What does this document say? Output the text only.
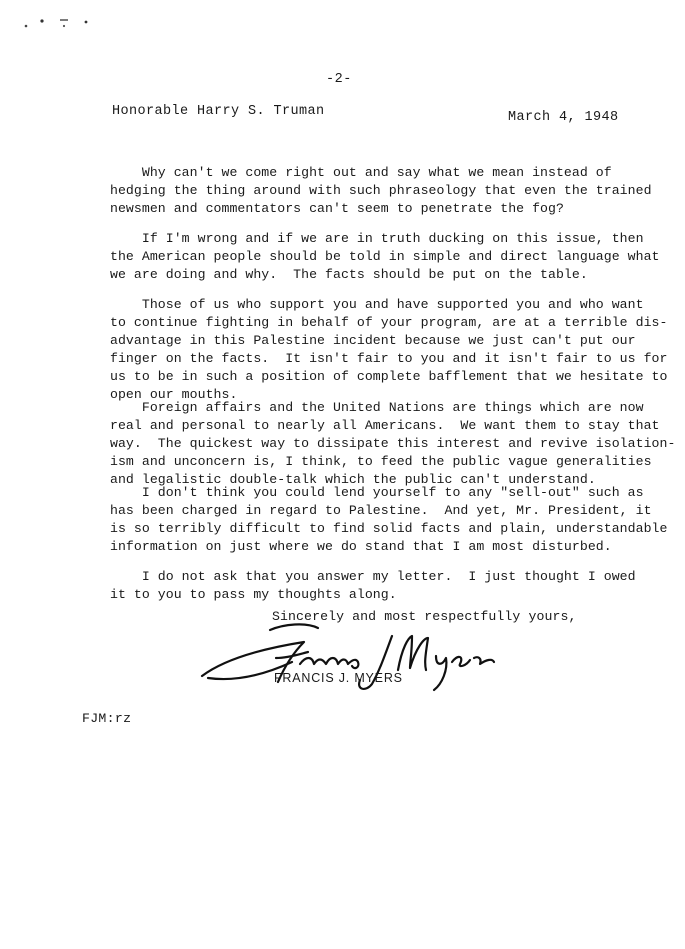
-2-
Honorable Harry S. Truman	March 4, 1948

Why can't we come right out and say what we mean instead of
hedging the thing around with such phraseology that even the trained
newsmen and commentators can't seem to penetrate the fog?

If I'm wrong and if we are in truth ducking on this issue, then
the American people should be told in simple and direct language what
we are doing and why.  The facts should be put on the table.

Those of us who support you and have supported you and who want
to continue fighting in behalf of your program, are at a terrible dis-
advantage in this Palestine incident because we just can't put our
finger on the facts.  It isn't fair to you and it isn't fair to us for
us to be in such a position of complete bafflement that we hesitate to
open our mouths.

Foreign affairs and the United Nations are things which are now
real and personal to nearly all Americans.  We want them to stay that
way.  The quickest way to dissipate this interest and revive isolation-
ism and unconcern is, I think, to feed the public vague generalities
and legalistic double-talk which the public can't understand.

I don't think you could lend yourself to any "sell-out" such as
has been charged in regard to Palestine.  And yet, Mr. President, it
is so terribly difficult to find solid facts and plain, understandable
information on just where we do stand that I am most disturbed.

I do not ask that you answer my letter.  I just thought I owed
it to you to pass my thoughts along.

Sincerely and most respectfully yours,
FRANCIS J. MYERS
FJM:rz
